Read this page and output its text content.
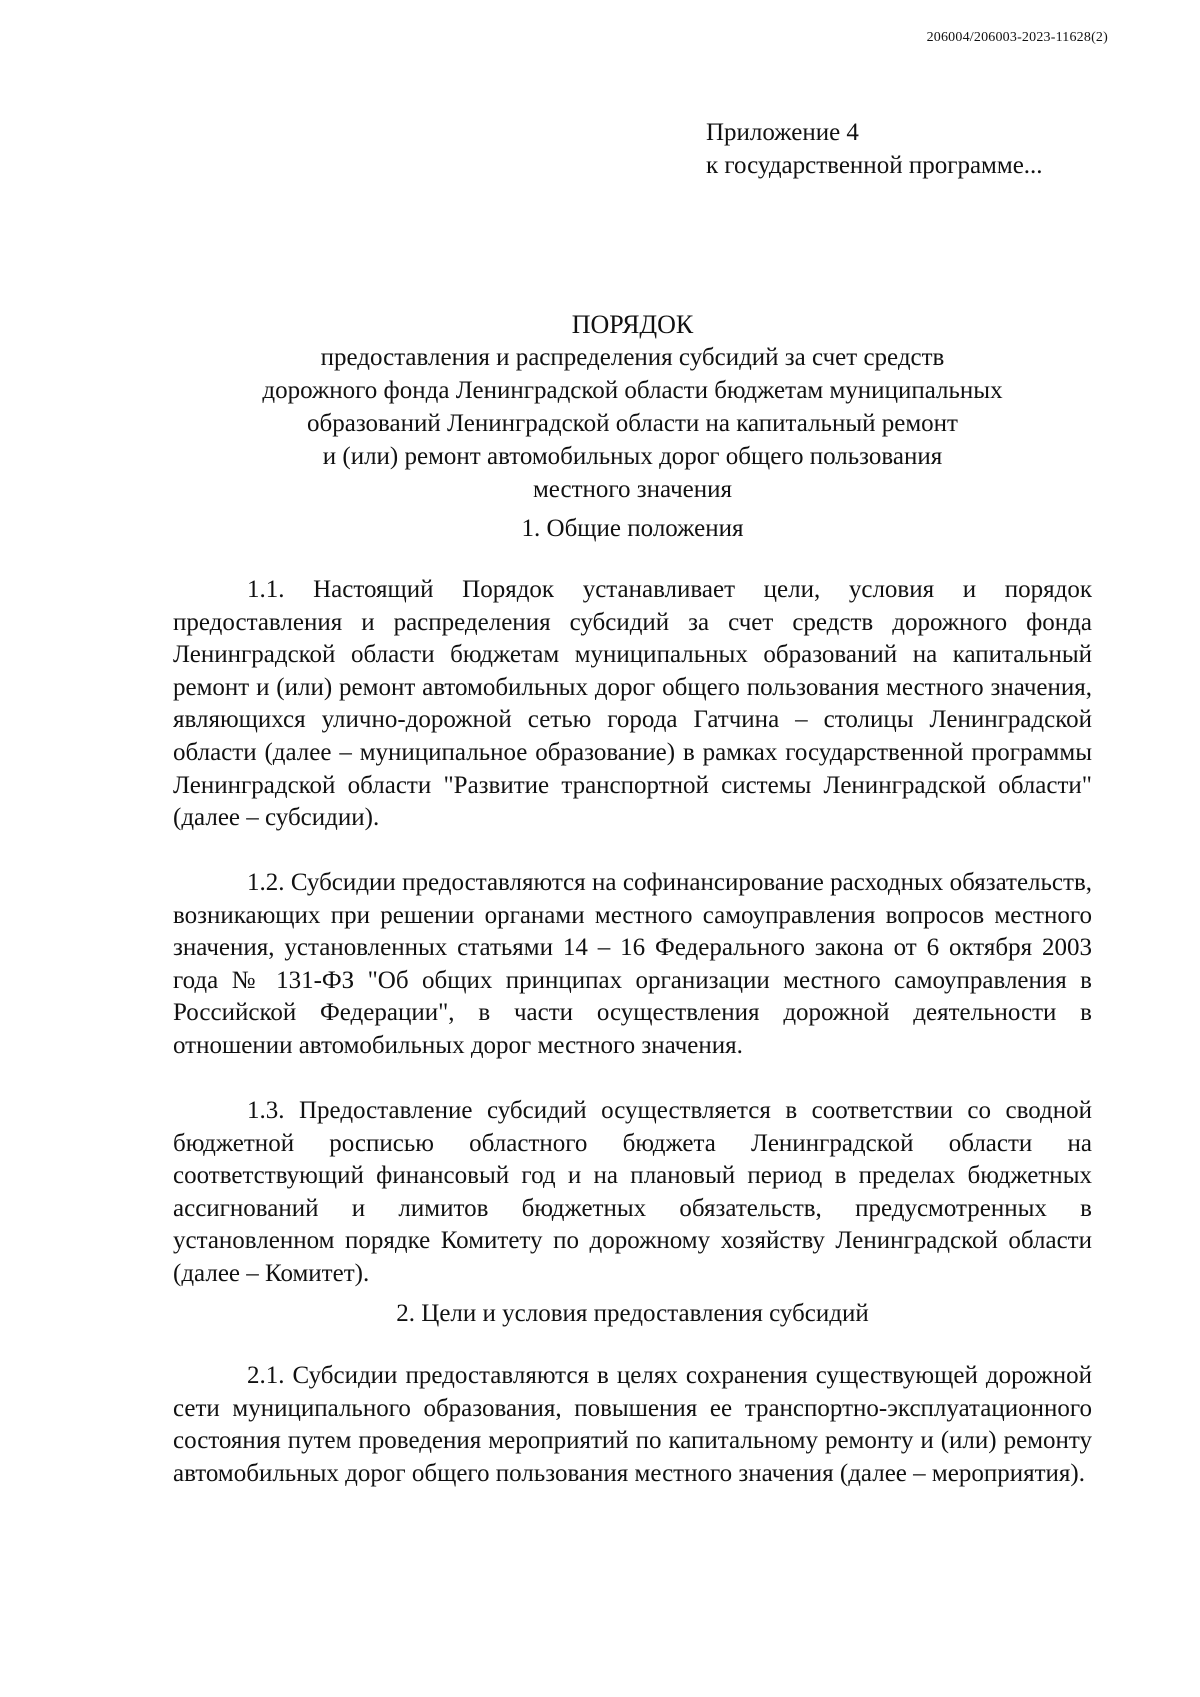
206004/206003-2023-11628(2)
Приложение 4
к государственной программе...
ПОРЯДОК
предоставления и распределения субсидий за счет средств
дорожного фонда Ленинградской области бюджетам муниципальных
образований Ленинградской области на капитальный ремонт
и (или) ремонт автомобильных дорог общего пользования
местного значения
1. Общие положения

1.1. Настоящий Порядок устанавливает цели, условия и порядок предоставления и распределения субсидий за счет средств дорожного фонда Ленинградской области бюджетам муниципальных образований на капитальный ремонт и (или) ремонт автомобильных дорог общего пользования местного значения, являющихся улично-дорожной сетью города Гатчина – столицы Ленинградской области (далее – муниципальное образование) в рамках государственной программы Ленинградской области "Развитие транспортной системы Ленинградской области" (далее – субсидии).

1.2. Субсидии предоставляются на софинансирование расходных обязательств, возникающих при решении органами местного самоуправления вопросов местного значения, установленных статьями 14 – 16 Федерального закона от 6 октября 2003 года № 131-ФЗ "Об общих принципах организации местного самоуправления в Российской Федерации", в части осуществления дорожной деятельности в отношении автомобильных дорог местного значения.

1.3. Предоставление субсидий осуществляется в соответствии со сводной бюджетной росписью областного бюджета Ленинградской области на соответствующий финансовый год и на плановый период в пределах бюджетных ассигнований и лимитов бюджетных обязательств, предусмотренных в установленном порядке Комитету по дорожному хозяйству Ленинградской области (далее – Комитет).

2. Цели и условия предоставления субсидий

2.1. Субсидии предоставляются в целях сохранения существующей дорожной сети муниципального образования, повышения ее транспортно-эксплуатационного состояния путем проведения мероприятий по капитальному ремонту и (или) ремонту автомобильных дорог общего пользования местного значения (далее – мероприятия).
